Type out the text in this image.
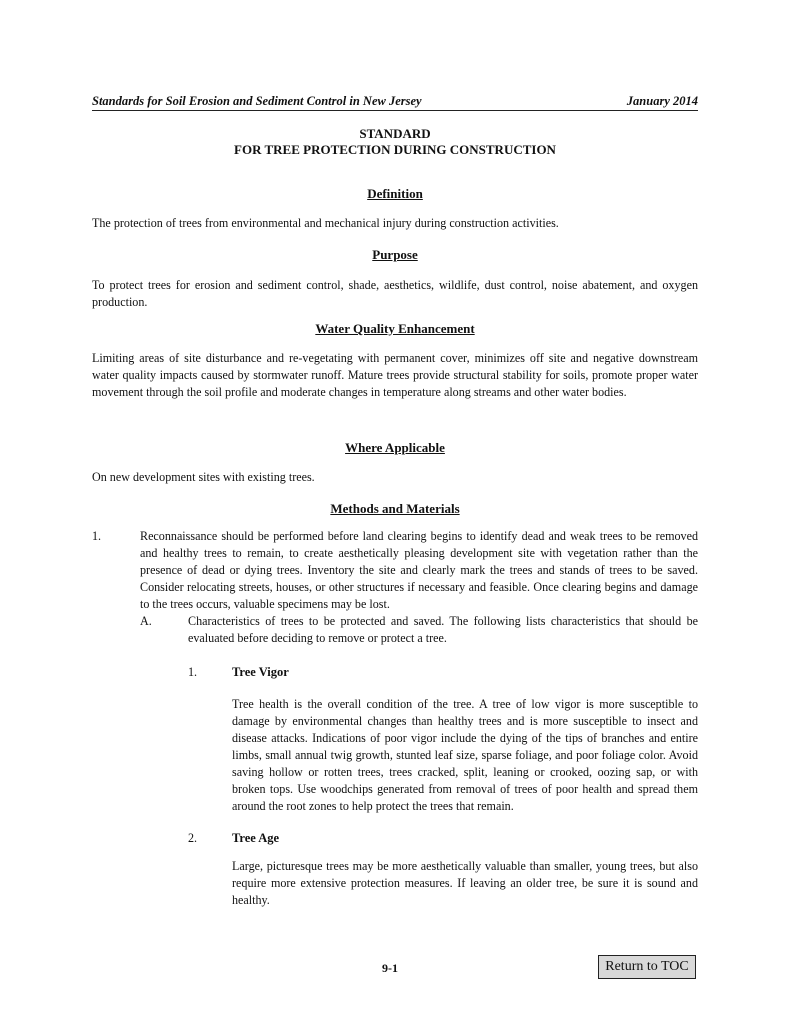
Standards for Soil Erosion and Sediment Control in New Jersey	January 2014
STANDARD
FOR TREE PROTECTION DURING CONSTRUCTION
Definition
The protection of trees from environmental and mechanical injury during construction activities.
Purpose
To protect trees for erosion and sediment control, shade, aesthetics, wildlife, dust control, noise abatement, and oxygen production.
Water Quality Enhancement
Limiting areas of site disturbance and re-vegetating with permanent cover, minimizes off site and negative downstream water quality impacts caused by stormwater runoff. Mature trees provide structural stability for soils, promote proper water movement through the soil profile and moderate changes in temperature along streams and other water bodies.
Where Applicable
On new development sites with existing trees.
Methods and Materials
1.	Reconnaissance should be performed before land clearing begins to identify dead and weak trees to be removed and healthy trees to remain, to create aesthetically pleasing development site with vegetation rather than the presence of dead or dying trees. Inventory the site and clearly mark the trees and stands of trees to be saved. Consider relocating streets, houses, or other structures if necessary and feasible. Once clearing begins and damage to the trees occurs, valuable specimens may be lost.
A.	Characteristics of trees to be protected and saved. The following lists characteristics that should be evaluated before deciding to remove or protect a tree.
1.	Tree Vigor
Tree health is the overall condition of the tree. A tree of low vigor is more susceptible to damage by environmental changes than healthy trees and is more susceptible to insect and disease attacks. Indications of poor vigor include the dying of the tips of branches and entire limbs, small annual twig growth, stunted leaf size, sparse foliage, and poor foliage color. Avoid saving hollow or rotten trees, trees cracked, split, leaning or crooked, oozing sap, or with broken tops. Use woodchips generated from removal of trees of poor health and spread them around the root zones to help protect the trees that remain.
2.	Tree Age
Large, picturesque trees may be more aesthetically valuable than smaller, young trees, but also require more extensive protection measures. If leaving an older tree, be sure it is sound and healthy.
9-1	Return to TOC
